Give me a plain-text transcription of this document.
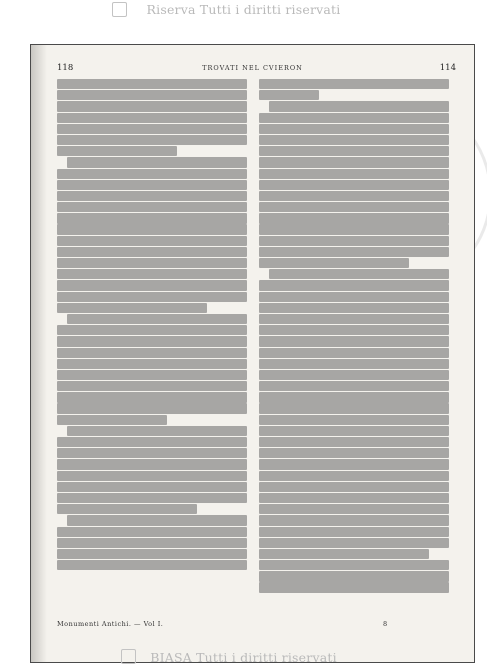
Riserva Tutti i diritti riservati
118	TROVATI NEL CVIERON	114
Monumenti Antichi. — Vol I.	8
BIASA Tutti i diritti riservati
